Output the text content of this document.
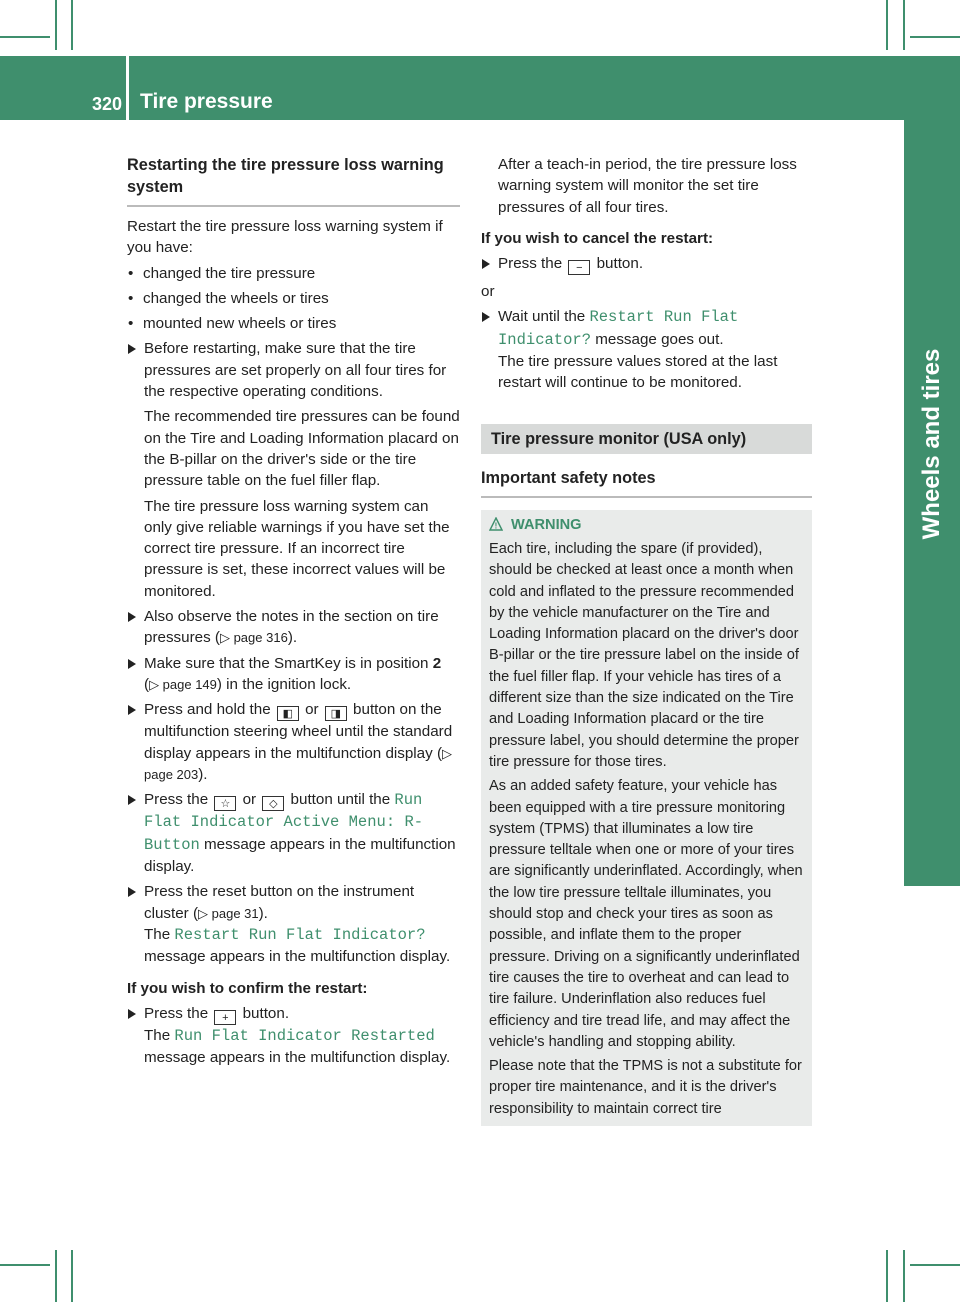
320 Tire pressure
Wheels and tires
Restarting the tire pressure loss warning system

Restart the tire pressure loss warning system if you have:

• changed the tire pressure

• changed the wheels or tires

• mounted new wheels or tires

Before restarting, make sure that the tire pressures are set properly on all four tires for the respective operating conditions.

The recommended tire pressures can be found on the Tire and Loading Information placard on the B-pillar on the driver's side or the tire pressure table on the fuel filler flap.

The tire pressure loss warning system can only give reliable warnings if you have set the correct tire pressure. If an incorrect tire pressure is set, these incorrect values will be monitored.

Also observe the notes in the section on tire pressures (▷ page 316).

Make sure that the SmartKey is in position 2 (▷ page 149) in the ignition lock.

Press and hold the ◧ or ◨ button on the multifunction steering wheel until the standard display appears in the multifunction display (▷ page 203).

Press the ☆ or ◇ button until the Run Flat Indicator Active Menu: R-Button message appears in the multifunction display.

Press the reset button on the instrument cluster (▷ page 31).
The Restart Run Flat Indicator? message appears in the multifunction display.

If you wish to confirm the restart:

Press the + button.
The Run Flat Indicator Restarted message appears in the multifunction display.

After a teach-in period, the tire pressure loss warning system will monitor the set tire pressures of all four tires.

If you wish to cancel the restart:

Press the − button.

or

Wait until the Restart Run Flat Indicator? message goes out.
The tire pressure values stored at the last restart will continue to be monitored.

Tire pressure monitor (USA only)
Important safety notes
! WARNING

Each tire, including the spare (if provided), should be checked at least once a month when cold and inflated to the pressure recommended by the vehicle manufacturer on the Tire and Loading Information placard on the driver's door B-pillar or the tire pressure label on the inside of the fuel filler flap. If your vehicle has tires of a different size than the size indicated on the Tire and Loading Information placard or the tire pressure label, you should determine the proper tire pressure for those tires.

As an added safety feature, your vehicle has been equipped with a tire pressure monitoring system (TPMS) that illuminates a low tire pressure telltale when one or more of your tires are significantly underinflated. Accordingly, when the low tire pressure telltale illuminates, you should stop and check your tires as soon as possible, and inflate them to the proper pressure. Driving on a significantly underinflated tire causes the tire to overheat and can lead to tire failure. Underinflation also reduces fuel efficiency and tire tread life, and may affect the vehicle's handling and stopping ability.

Please note that the TPMS is not a substitute for proper tire maintenance, and it is the driver's responsibility to maintain correct tire
